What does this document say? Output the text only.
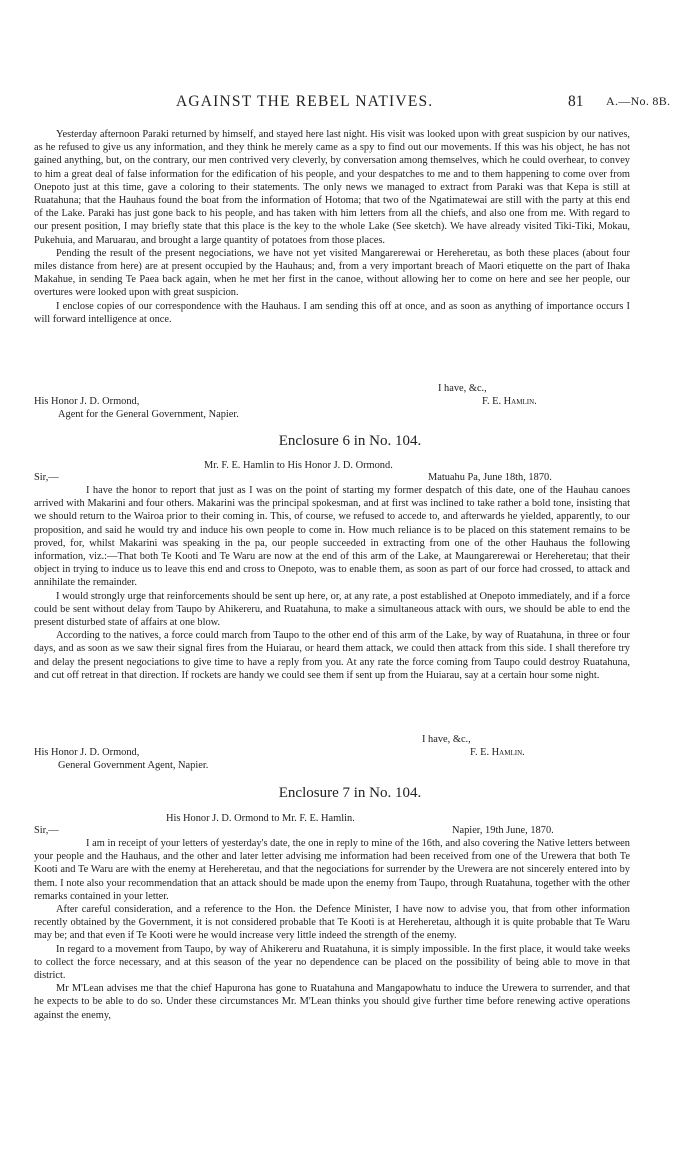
AGAINST THE REBEL NATIVES.	81 A.—No. 8B.

Yesterday afternoon Paraki returned by himself, and stayed here last night. His visit was looked upon with great suspicion by our natives, as he refused to give us any information, and they think he merely came as a spy to find out our movements. If this was his object, he has not gained anything, but, on the contrary, our men contrived very cleverly, by conversation among themselves, which he could overhear, to convey to him a great deal of false information for the edification of his people, and your despatches to me and to them happening to come over from Onepoto just at this time, gave a coloring to their statements. The only news we managed to extract from Paraki was that Kepa is still at Ruatahuna; that the Hauhaus found the boat from the information of Hotoma; that two of the Ngatimatewai are still with the party at this end of the Lake. Paraki has just gone back to his people, and has taken with him letters from all the chiefs, and also one from me. With regard to our present position, I may briefly state that this place is the key to the whole Lake (See sketch). We have already visited Tiki-Tiki, Mokau, Pukehuia, and Maruarau, and brought a large quantity of potatoes from those places.

Pending the result of the present negociations, we have not yet visited Mangarerewai or Hereheretau, as both these places (about four miles distance from here) are at present occupied by the Hauhaus; and, from a very important breach of Maori etiquette on the part of Ihaka Makahue, in sending Te Paea back again, when he met her first in the canoe, without allowing her to come on here and see her people, our overtures were looked upon with great suspicion.

I enclose copies of our correspondence with the Hauhaus. I am sending this off at once, and as soon as anything of importance occurs I will forward intelligence at once.

I have, &c.,
His Honor J. D. Ormond,	F. E. Hamlin.
Agent for the General Government, Napier.
Enclosure 6 in No. 104.
Mr. F. E. Hamlin to His Honor J. D. Ormond.
Sir,—	Matuahu Pa, June 18th, 1870.

I have the honor to report that just as I was on the point of starting my former despatch of this date, one of the Hauhau canoes arrived with Makarini and four others. Makarini was the principal spokesman, and at first was inclined to take rather a bold tone, insisting that we should return to the Wairoa prior to their coming in. This, of course, we refused to accede to, and afterwards he yielded, apparently, to our proposition, and said he would try and induce his own people to come in. How much reliance is to be placed on this statement remains to be proved, for, whilst Makarini was speaking in the pa, our people succeeded in extracting from one of the other Hauhaus the following information, viz.:—That both Te Kooti and Te Waru are now at the end of this arm of the Lake, at Maungarerewai or Hereheretau; that their object in trying to induce us to leave this end and cross to Onepoto, was to enable them, as soon as part of our force had crossed, to attack and annihilate the remainder.

I would strongly urge that reinforcements should be sent up here, or, at any rate, a post established at Onepoto immediately, and if a force could be sent without delay from Taupo by Ahikereru, and Ruatahuna, to make a simultaneous attack with ours, we should be able to end the present disturbed state of affairs at one blow.

According to the natives, a force could march from Taupo to the other end of this arm of the Lake, by way of Ruatahuna, in three or four days, and as soon as we saw their signal fires from the Huiarau, or heard them attack, we could then attack from this side. I shall therefore try and delay the present negociations to give time to have a reply from you. At any rate the force coming from Taupo could destroy Ruatahuna, and cut off retreat in that direction. If rockets are handy we could see them if sent up from the Huiarau, say at a certain hour some night.

I have, &c.,
His Honor J. D. Ormond,	F. E. Hamlin.
General Government Agent, Napier.
Enclosure 7 in No. 104.
His Honor J. D. Ormond to Mr. F. E. Hamlin.
Sir,—	Napier, 19th June, 1870.

I am in receipt of your letters of yesterday's date, the one in reply to mine of the 16th, and also covering the Native letters between your people and the Hauhaus, and the other and later letter advising me information had been received from one of the Urewera that both Te Kooti and Te Waru are with the enemy at Hereheretau, and that the negociations for surrender by the Urewera are not sincerely entered into by them. I note also your recommendation that an attack should be made upon the enemy from Taupo, through Ruatahuna, together with the other remarks contained in your letter.

After careful consideration, and a reference to the Hon. the Defence Minister, I have now to advise you, that from other information recently obtained by the Government, it is not considered probable that Te Kooti is at Hereheretau, although it is quite probable that Te Waru may be; and that even if Te Kooti were he would increase very little indeed the strength of the enemy.

In regard to a movement from Taupo, by way of Ahikereru and Ruatahuna, it is simply impossible. In the first place, it would take weeks to collect the force necessary, and at this season of the year no dependence can be placed on the possibility of being able to move in that district.

Mr M'Lean advises me that the chief Hapurona has gone to Ruatahuna and Mangapowhatu to induce the Urewera to surrender, and that he expects to be able to do so. Under these circumstances Mr. M'Lean thinks you should give further time before renewing active operations against the enemy,
